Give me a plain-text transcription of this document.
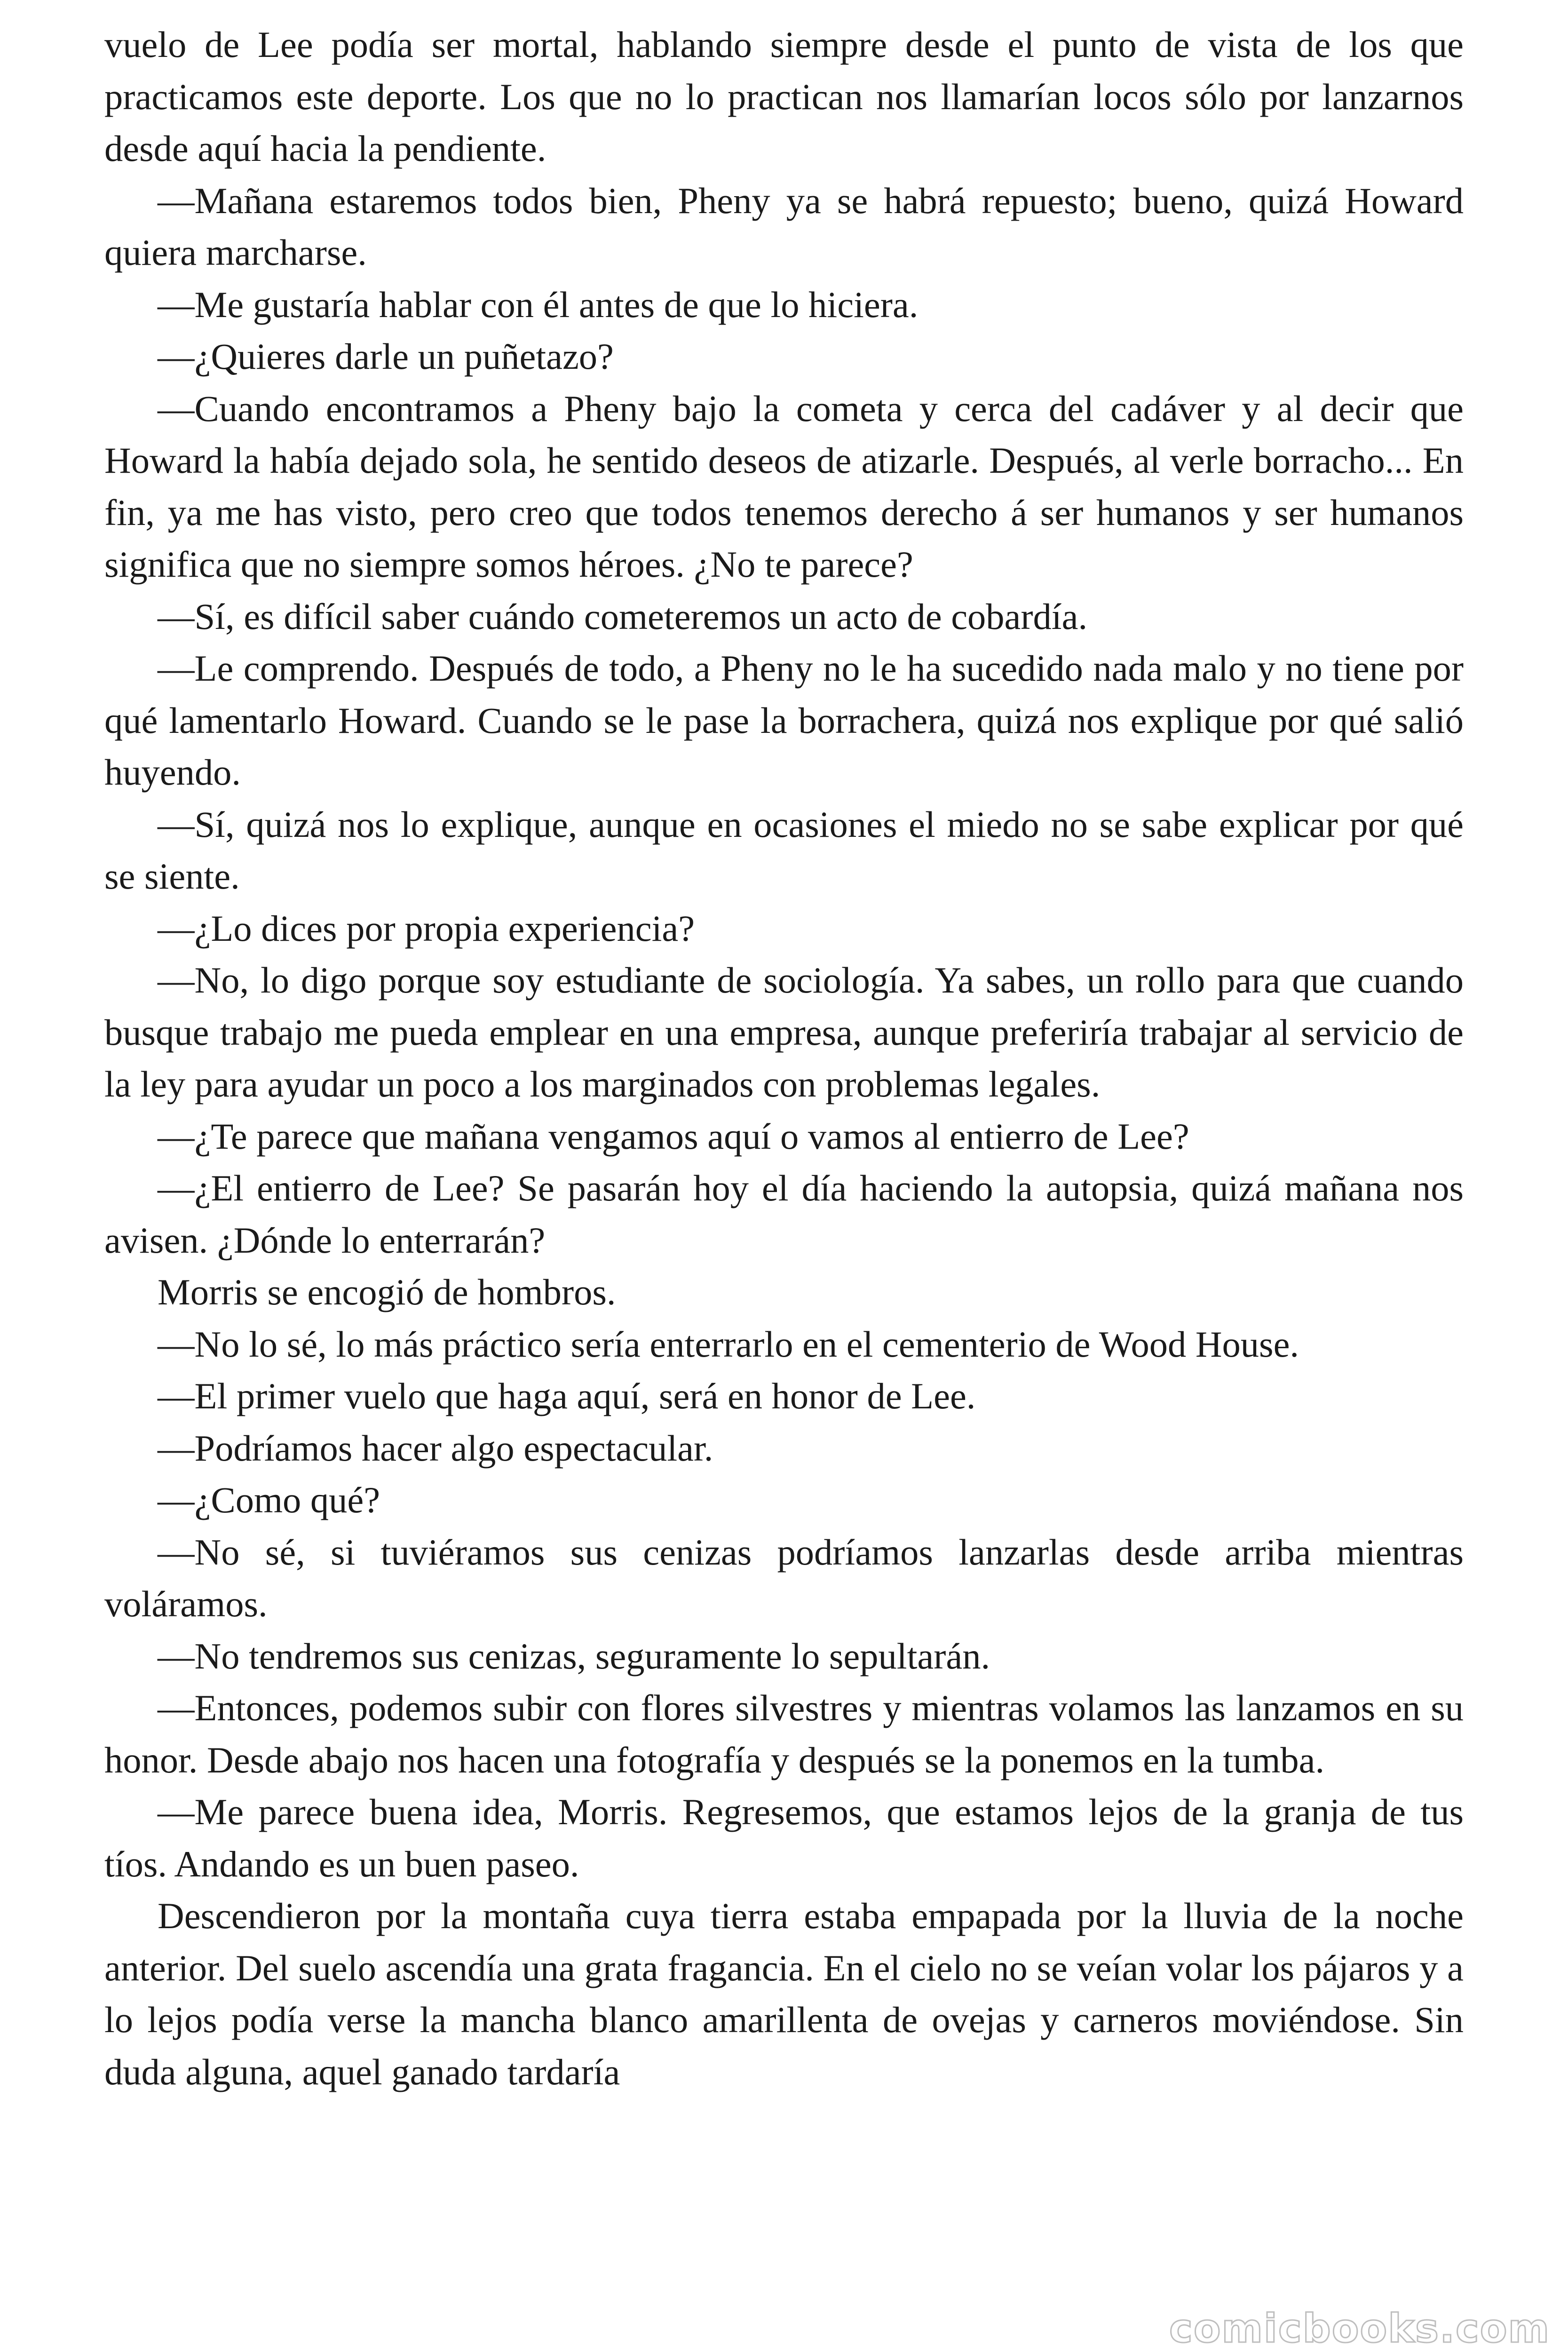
vuelo de Lee podía ser mortal, hablando siempre desde el punto de vista de los que practicamos este deporte. Los que no lo practican nos llamarían locos sólo por lanzarnos desde aquí hacia la pendiente.

—Mañana estaremos todos bien, Pheny ya se habrá repuesto; bueno, quizá Howard quiera marcharse.

—Me gustaría hablar con él antes de que lo hiciera.

—¿Quieres darle un puñetazo?

—Cuando encontramos a Pheny bajo la cometa y cerca del cadáver y al decir que Howard la había dejado sola, he sentido deseos de atizarle. Después, al verle borracho... En fin, ya me has visto, pero creo que todos tenemos derecho á ser humanos y ser humanos significa que no siempre somos héroes. ¿No te parece?

—Sí, es difícil saber cuándo cometeremos un acto de cobardía.

—Le comprendo. Después de todo, a Pheny no le ha sucedido nada malo y no tiene por qué lamentarlo Howard. Cuando se le pase la borrachera, quizá nos explique por qué salió huyendo.

—Sí, quizá nos lo explique, aunque en ocasiones el miedo no se sabe explicar por qué se siente.

—¿Lo dices por propia experiencia?

—No, lo digo porque soy estudiante de sociología. Ya sabes, un rollo para que cuando busque trabajo me pueda emplear en una empresa, aunque preferiría trabajar al servicio de la ley para ayudar un poco a los marginados con problemas legales.

—¿Te parece que mañana vengamos aquí o vamos al entierro de Lee?

—¿El entierro de Lee? Se pasarán hoy el día haciendo la autopsia, quizá mañana nos avisen. ¿Dónde lo enterrarán?

Morris se encogió de hombros.

—No lo sé, lo más práctico sería enterrarlo en el cementerio de Wood House.

—El primer vuelo que haga aquí, será en honor de Lee.

—Podríamos hacer algo espectacular.

—¿Como qué?

—No sé, si tuviéramos sus cenizas podríamos lanzarlas desde arriba mientras voláramos.

—No tendremos sus cenizas, seguramente lo sepultarán.

—Entonces, podemos subir con flores silvestres y mientras volamos las lanzamos en su honor. Desde abajo nos hacen una fotografía y después se la ponemos en la tumba.

—Me parece buena idea, Morris. Regresemos, que estamos lejos de la granja de tus tíos. Andando es un buen paseo.

Descendieron por la montaña cuya tierra estaba empapada por la lluvia de la noche anterior. Del suelo ascendía una grata fragancia. En el cielo no se veían volar los pájaros y a lo lejos podía verse la mancha blanco amarillenta de ovejas y carneros moviéndose. Sin duda alguna, aquel ganado tardaría

comicbooks.com
